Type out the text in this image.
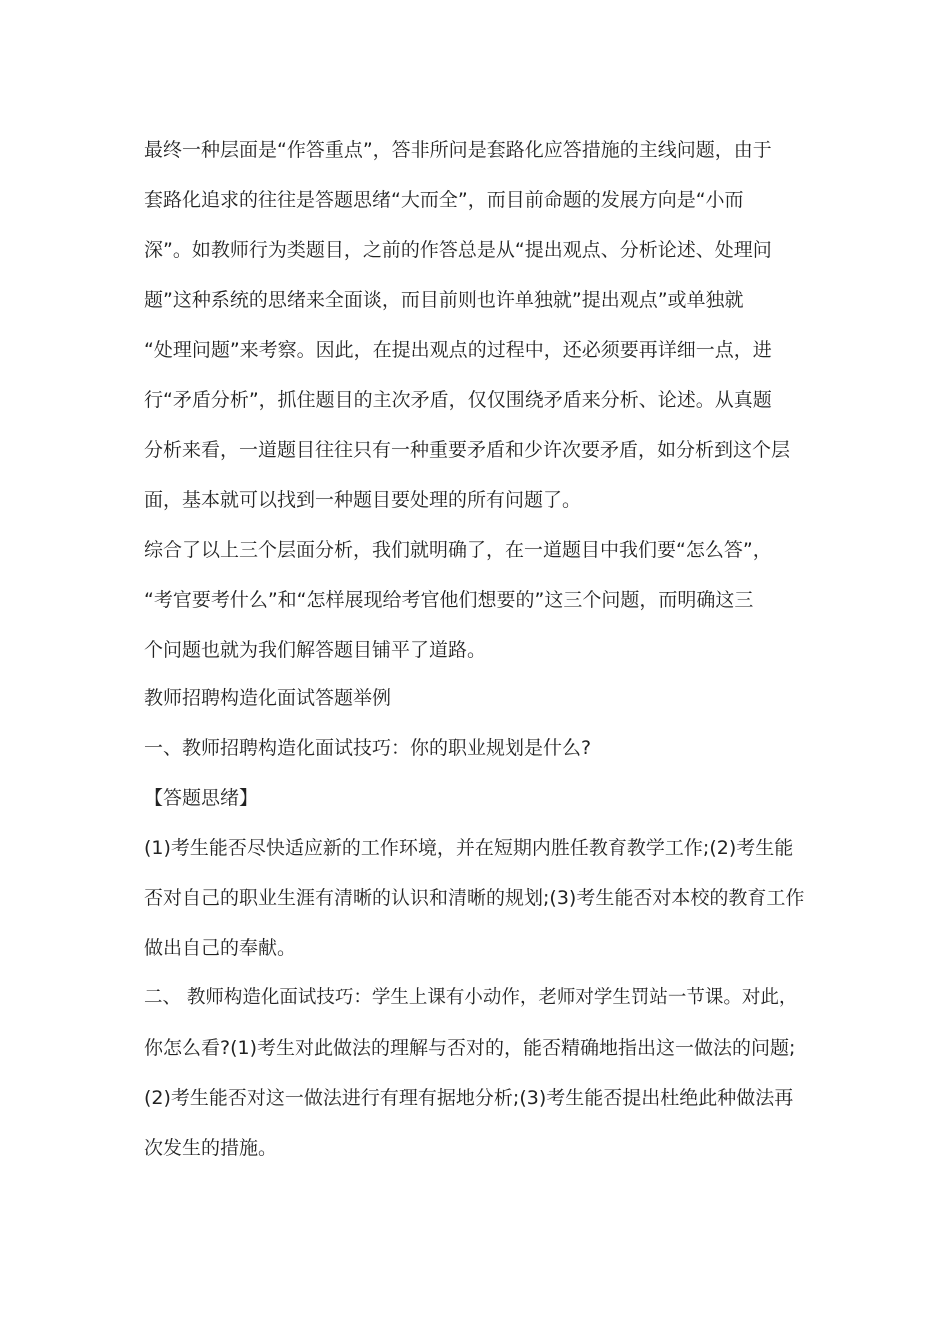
最终一种层面是“作答重点”，答非所问是套路化应答措施的主线问题，由于
套路化追求的往往是答题思绪“大而全”，而目前命题的发展方向是“小而
深”。如教师行为类题目，之前的作答总是从“提出观点、分析论述、处理问
题”这种系统的思绪来全面谈，而目前则也许单独就”提出观点”或单独就
“处理问题”来考察。因此，在提出观点的过程中，还必须要再详细一点，进
行“矛盾分析”，抓住题目的主次矛盾，仅仅围绕矛盾来分析、论述。从真题
分析来看，一道题目往往只有一种重要矛盾和少许次要矛盾，如分析到这个层
面，基本就可以找到一种题目要处理的所有问题了。
综合了以上三个层面分析，我们就明确了，在一道题目中我们要“怎么答”，
“考官要考什么”和“怎样展现给考官他们想要的”这三个问题，而明确这三
个问题也就为我们解答题目铺平了道路。
教师招聘构造化面试答题举例
一、教师招聘构造化面试技巧：你的职业规划是什么?
【答题思绪】
(1)考生能否尽快适应新的工作环境，并在短期内胜任教育教学工作;(2)考生能
否对自己的职业生涯有清晰的认识和清晰的规划;(3)考生能否对本校的教育工作
做出自己的奉献。
二、 教师构造化面试技巧：学生上课有小动作，老师对学生罚站一节课。对此，
你怎么看?(1)考生对此做法的理解与否对的，能否精确地指出这一做法的问题;
(2)考生能否对这一做法进行有理有据地分析;(3)考生能否提出杜绝此种做法再
次发生的措施。
